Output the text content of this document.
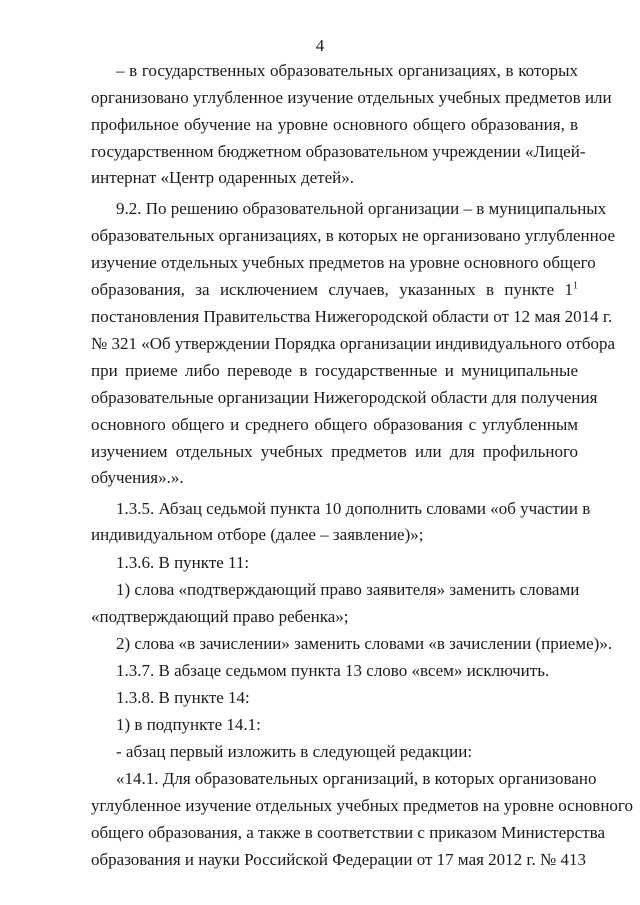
4
– в государственных образовательных организациях, в которых
организовано углубленное изучение отдельных учебных предметов или
профильное обучение на уровне основного общего образования, в
государственном бюджетном образовательном учреждении «Лицей-
интернат «Центр одаренных детей».
9.2. По решению образовательной организации – в муниципальных
образовательных организациях, в которых не организовано углубленное
изучение отдельных учебных предметов на уровне основного общего
образования, за исключением случаев, указанных в пункте $1^1$
постановления Правительства Нижегородской области от 12 мая 2014 г.
№ 321 «Об утверждении Порядка организации индивидуального отбора
при приеме либо переводе в государственные и муниципальные
образовательные организации Нижегородской области для получения
основного общего и среднего общего образования с углубленным
изучением отдельных учебных предметов или для профильного
обучения».».
1.3.5. Абзац седьмой пункта 10 дополнить словами «об участии в
индивидуальном отборе (далее – заявление)»;
1.3.6. В пункте 11:
1) слова «подтверждающий право заявителя» заменить словами
«подтверждающий право ребенка»;
2) слова «в зачислении» заменить словами «в зачислении (приеме)».
1.3.7. В абзаце седьмом пункта 13 слово «всем» исключить.
1.3.8. В пункте 14:
1) в подпункте 14.1:
- абзац первый изложить в следующей редакции:
«14.1. Для образовательных организаций, в которых организовано
углубленное изучение отдельных учебных предметов на уровне основного
общего образования, а также в соответствии с приказом Министерства
образования и науки Российской Федерации от 17 мая 2012 г. № 413
